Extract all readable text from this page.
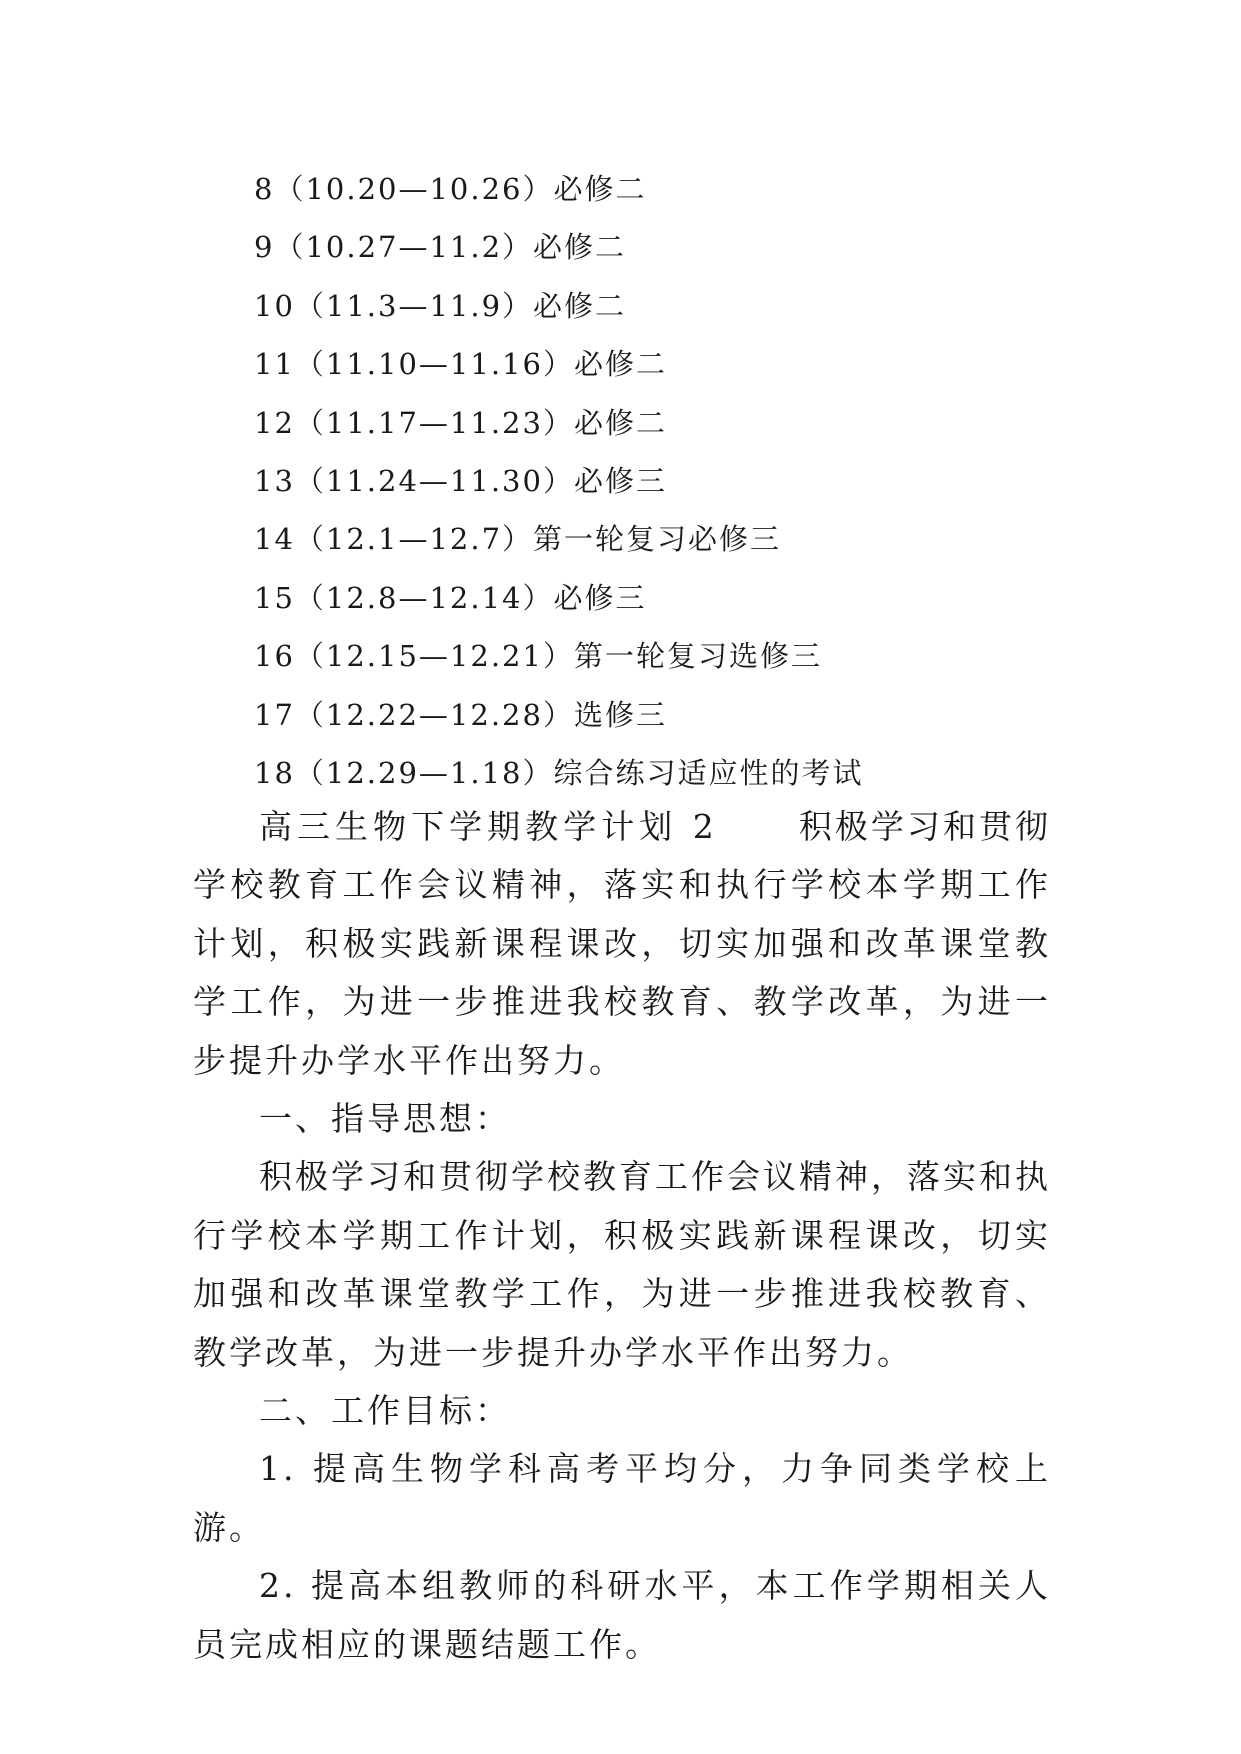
8（10.20—10.26）必修二
9（10.27—11.2）必修二
10（11.3—11.9）必修二
11（11.10—11.16）必修二
12（11.17—11.23）必修二
13（11.24—11.30）必修三
14（12.1—12.7）第一轮复习必修三
15（12.8—12.14）必修三
16（12.15—12.21）第一轮复习选修三
17（12.22—12.28）选修三
18（12.29—1.18）综合练习适应性的考试

高三生物下学期教学计划 2 积极学习和贯彻学校教育工作会议精神，落实和执行学校本学期工作计划，积极实践新课程课改，切实加强和改革课堂教学工作，为进一步推进我校教育、教学改革，为进一步提升办学水平作出努力。

一、指导思想：

积极学习和贯彻学校教育工作会议精神，落实和执行学校本学期工作计划，积极实践新课程课改，切实加强和改革课堂教学工作，为进一步推进我校教育、教学改革，为进一步提升办学水平作出努力。

二、工作目标：

1. 提高生物学科高考平均分，力争同类学校上游。

2. 提高本组教师的科研水平，本工作学期相关人员完成相应的课题结题工作。
